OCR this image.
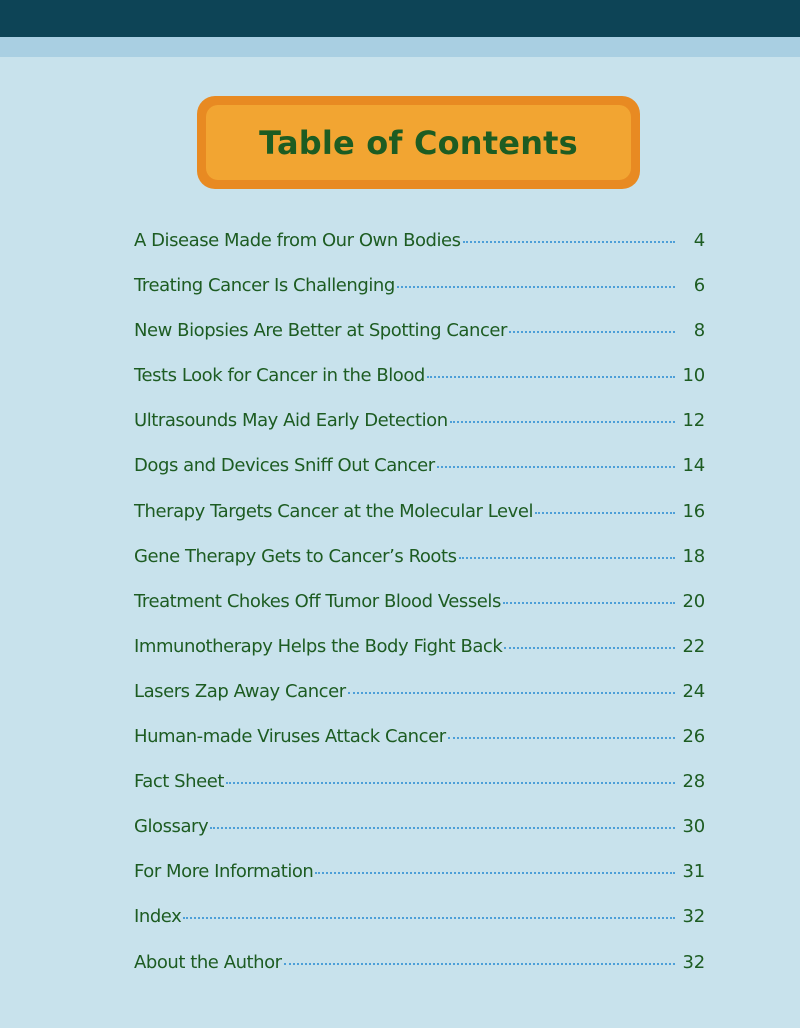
Table of Contents
A Disease Made from Our Own Bodies	4
Treating Cancer Is Challenging	6
New Biopsies Are Better at Spotting Cancer	8
Tests Look for Cancer in the Blood	10
Ultrasounds May Aid Early Detection	12
Dogs and Devices Sniff Out Cancer	14
Therapy Targets Cancer at the Molecular Level	16
Gene Therapy Gets to Cancer’s Roots	18
Treatment Chokes Off Tumor Blood Vessels	20
Immunotherapy Helps the Body Fight Back	22
Lasers Zap Away Cancer	24
Human-made Viruses Attack Cancer	26
Fact Sheet	28
Glossary	30
For More Information	31
Index	32
About the Author	32
